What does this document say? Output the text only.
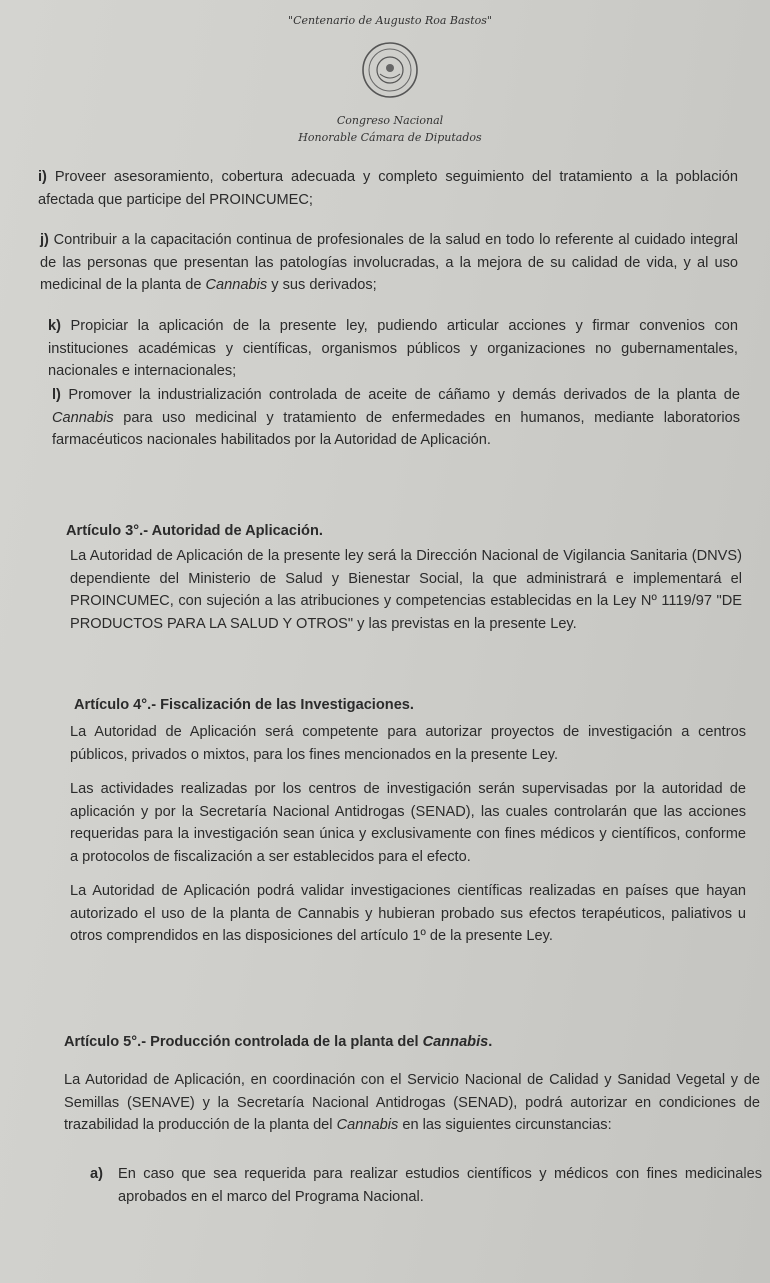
"Centenario de Augusto Roa Bastos"
Congreso Nacional
Honorable Cámara de Diputados

i) Proveer asesoramiento, cobertura adecuada y completo seguimiento del tratamiento a la población afectada que participe del PROINCUMEC;

j) Contribuir a la capacitación continua de profesionales de la salud en todo lo referente al cuidado integral de las personas que presentan las patologías involucradas, a la mejora de su calidad de vida, y al uso medicinal de la planta de Cannabis y sus derivados;

k) Propiciar la aplicación de la presente ley, pudiendo articular acciones y firmar convenios con instituciones académicas y científicas, organismos públicos y organizaciones no gubernamentales, nacionales e internacionales;

l) Promover la industrialización controlada de aceite de cáñamo y demás derivados de la planta de Cannabis para uso medicinal y tratamiento de enfermedades en humanos, mediante laboratorios farmacéuticos nacionales habilitados por la Autoridad de Aplicación.

Artículo 3°.- Autoridad de Aplicación.

La Autoridad de Aplicación de la presente ley será la Dirección Nacional de Vigilancia Sanitaria (DNVS) dependiente del Ministerio de Salud y Bienestar Social, la que administrará e implementará el PROINCUMEC, con sujeción a las atribuciones y competencias establecidas en la Ley Nº 1119/97 "DE PRODUCTOS PARA LA SALUD Y OTROS" y las previstas en la presente Ley.

Artículo 4°.- Fiscalización de las Investigaciones.

La Autoridad de Aplicación será competente para autorizar proyectos de investigación a centros públicos, privados o mixtos, para los fines mencionados en la presente Ley.

Las actividades realizadas por los centros de investigación serán supervisadas por la autoridad de aplicación y por la Secretaría Nacional Antidrogas (SENAD), las cuales controlarán que las acciones requeridas para la investigación sean única y exclusivamente con fines médicos y científicos, conforme a protocolos de fiscalización a ser establecidos para el efecto.

La Autoridad de Aplicación podrá validar investigaciones científicas realizadas en países que hayan autorizado el uso de la planta de Cannabis y hubieran probado sus efectos terapéuticos, paliativos u otros comprendidos en las disposiciones del artículo 1º de la presente Ley.

Artículo 5°.- Producción controlada de la planta del Cannabis.

La Autoridad de Aplicación, en coordinación con el Servicio Nacional de Calidad y Sanidad Vegetal y de Semillas (SENAVE) y la Secretaría Nacional Antidrogas (SENAD), podrá autorizar en condiciones de trazabilidad la producción de la planta del Cannabis en las siguientes circunstancias:

a) En caso que sea requerida para realizar estudios científicos y médicos con fines medicinales aprobados en el marco del Programa Nacional.
